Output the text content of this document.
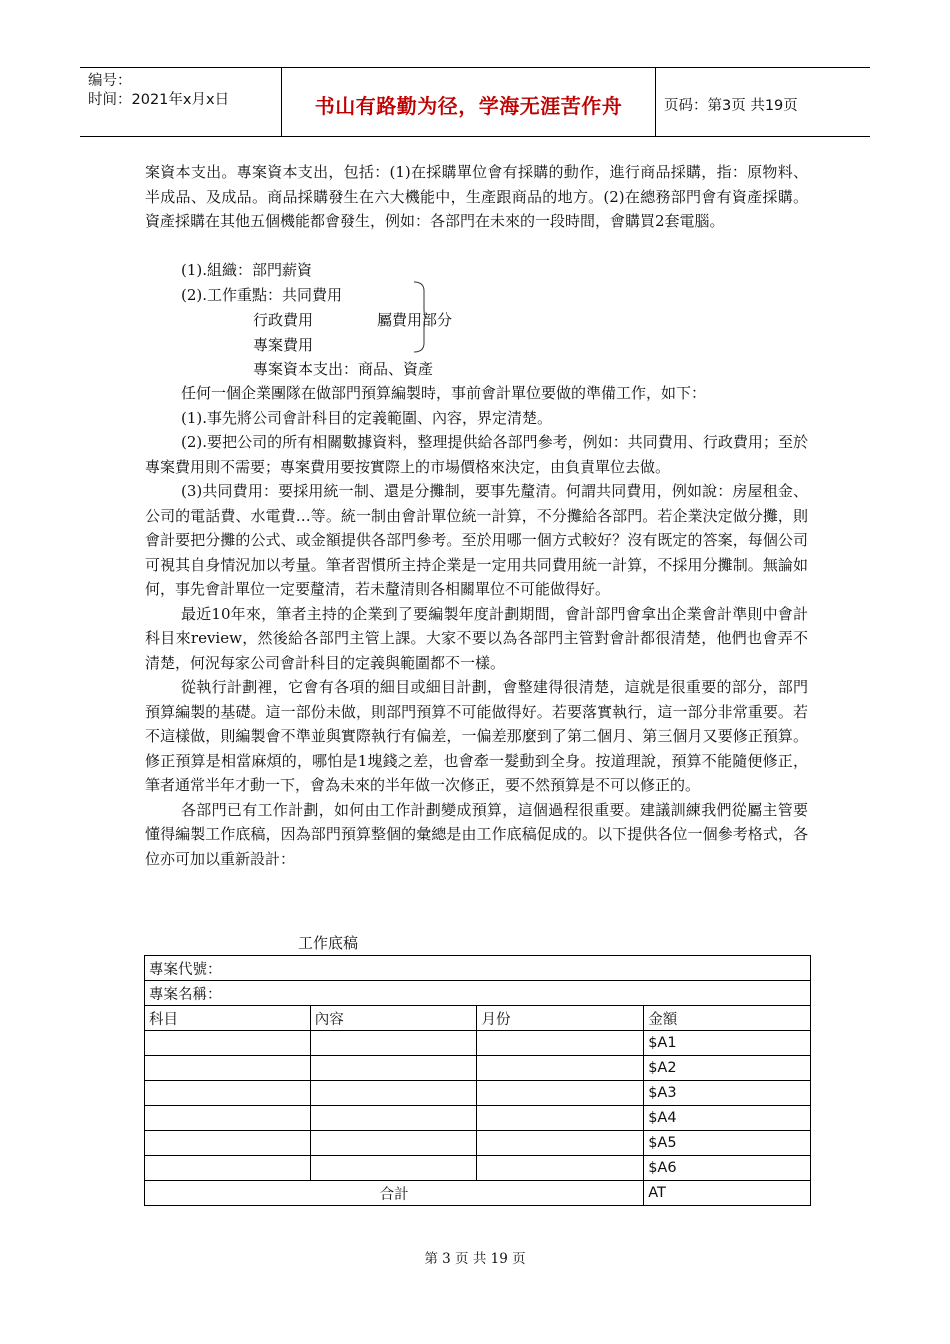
编号：
时间：2021年x月x日	书山有路勤为径，学海无涯苦作舟	页码：第3页 共19页

案資本支出。專案資本支出，包括：(1)在採購單位會有採購的動作，進行商品採購，指：原物料、半成品、及成品。商品採購發生在六大機能中，生產跟商品的地方。(2)在總務部門會有資產採購。資產採購在其他五個機能都會發生，例如：各部門在未來的一段時間，會購買2套電腦。

(1).組織：部門薪資
(2).工作重點：共同費用
行政費用	屬費用部分
專案費用
專案資本支出：商品、資產

任何一個企業團隊在做部門預算編製時，事前會計單位要做的準備工作，如下：

(1).事先將公司會計科目的定義範圍、內容，界定清楚。

(2).要把公司的所有相關數據資料，整理提供給各部門參考，例如：共同費用、行政費用；至於專案費用則不需要；專案費用要按實際上的市場價格來決定，由負責單位去做。

(3)共同費用：要採用統一制、還是分攤制，要事先釐清。何謂共同費用，例如說：房屋租金、公司的電話費、水電費…等。統一制由會計單位統一計算，不分攤給各部門。若企業決定做分攤，則會計要把分攤的公式、或金額提供各部門參考。至於用哪一個方式較好？沒有既定的答案，每個公司可視其自身情況加以考量。筆者習慣所主持企業是一定用共同費用統一計算，不採用分攤制。無論如何，事先會計單位一定要釐清，若未釐清則各相關單位不可能做得好。

最近10年來，筆者主持的企業到了要編製年度計劃期間，會計部門會拿出企業會計準則中會計科目來review，然後給各部門主管上課。大家不要以為各部門主管對會計都很清楚，他們也會弄不清楚，何況每家公司會計科目的定義與範圍都不一樣。

從執行計劃裡，它會有各項的細目或細目計劃，會整建得很清楚，這就是很重要的部分，部門預算編製的基礎。這一部份未做，則部門預算不可能做得好。若要落實執行，這一部分非常重要。若不這樣做，則編製會不準並與實際執行有偏差，一偏差那麼到了第二個月、第三個月又要修正預算。修正預算是相當麻煩的，哪怕是1塊錢之差，也會牽一髮動到全身。按道理說，預算不能隨便修正，筆者通常半年才動一下，會為未來的半年做一次修正，要不然預算是不可以修正的。

各部門已有工作計劃，如何由工作計劃變成預算，這個過程很重要。建議訓練我們從屬主管要懂得編製工作底稿，因為部門預算整個的彙總是由工作底稿促成的。以下提供各位一個參考格式，各位亦可加以重新設計：

工作底稿
專案代號：			
專案名稱：			
科目	內容	月份	金額
			$A1
			$A2
			$A3
			$A4
			$A5
			$A6
合計			AT
第 3 页 共 19 页
